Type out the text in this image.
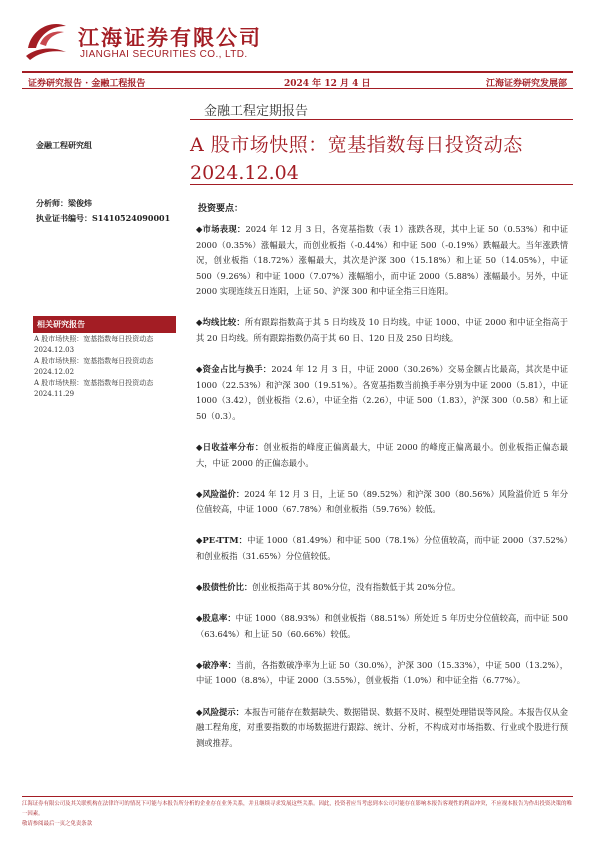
江海证券有限公司
JIANGHAI SECURITIES CO., LTD.
证券研究报告 · 金融工程报告	2024 年 12 月 4 日	江海证券研究发展部
金融工程定期报告
A 股市场快照：宽基指数每日投资动态
2024.12.04
金融工程研究组
分析师：梁俊炜
执业证书编号：S1410524090001
相关研究报告
A 股市场快照：宽基指数每日投资动态 2024.12.03
A 股市场快照：宽基指数每日投资动态 2024.12.02
A 股市场快照：宽基指数每日投资动态 2024.11.29
投资要点：

◆市场表现：2024 年 12 月 3 日，各宽基指数（表 1）涨跌各现，其中上证 50（0.53%）和中证 2000（0.35%）涨幅最大，而创业板指（-0.44%）和中证 500（-0.19%）跌幅最大。当年涨跌情况，创业板指（18.72%）涨幅最大，其次是沪深 300（15.18%）和上证 50（14.05%），中证 500（9.26%）和中证 1000（7.07%）涨幅缩小，而中证 2000（5.88%）涨幅最小。另外，中证 2000 实现连续五日连阳，上证 50、沪深 300 和中证全指三日连阳。

◆均线比较：所有跟踪指数高于其 5 日均线及 10 日均线。中证 1000、中证 2000 和中证全指高于其 20 日均线。所有跟踪指数仍高于其 60 日、120 日及 250 日均线。

◆资金占比与换手：2024 年 12 月 3 日，中证 2000（30.26%）交易金额占比最高，其次是中证 1000（22.53%）和沪深 300（19.51%）。各宽基指数当前换手率分别为中证 2000（5.81），中证 1000（3.42），创业板指（2.6），中证全指（2.26），中证 500（1.83），沪深 300（0.58）和上证 50（0.3）。

◆日收益率分布：创业板指的峰度正偏离最大，中证 2000 的峰度正偏离最小。创业板指正偏态最大，中证 2000 的正偏态最小。

◆风险溢价：2024 年 12 月 3 日，上证 50（89.52%）和沪深 300（80.56%）风险溢价近 5 年分位值较高，中证 1000（67.78%）和创业板指（59.76%）较低。

◆PE-TTM：中证 1000（81.49%）和中证 500（78.1%）分位值较高，而中证 2000（37.52%）和创业板指（31.65%）分位值较低。

◆股债性价比：创业板指高于其 80%分位，没有指数低于其 20%分位。

◆股息率：中证 1000（88.93%）和创业板指（88.51%）所处近 5 年历史分位值较高，而中证 500（63.64%）和上证 50（60.66%）较低。

◆破净率：当前，各指数破净率为上证 50（30.0%），沪深 300（15.33%），中证 500（13.2%），中证 1000（8.8%），中证 2000（3.55%），创业板指（1.0%）和中证全指（6.77%）。

◆风险提示：本报告可能存在数据缺失、数据错误、数据不及时、模型处理错误等风险。本报告仅从金融工程角度，对重要指数的市场数据进行跟踪、统计、分析，不构成对市场指数、行业或个股进行预测或推荐。

江海证券有限公司及其关联机构在法律许可的情况下可能与本报告所分析的企业存在业务关系，并且继续寻求发展这些关系。因此，投资者应当考虑到本公司可能存在影响本报告客观性的利益冲突，不应视本报告为作出投资决策的唯一因素。
敬请参阅最后一页之免责条款
